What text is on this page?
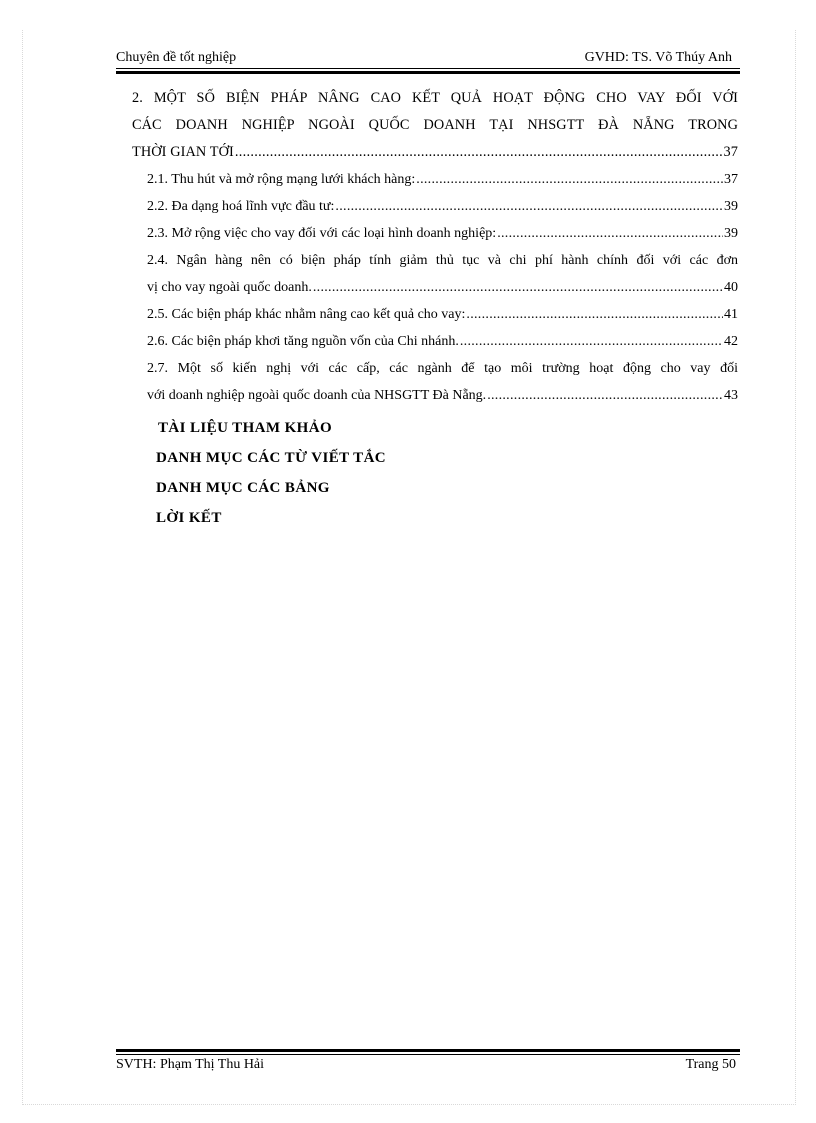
Chuyên đề tốt nghiệp	GVHD: TS. Võ Thúy Anh
2. MỘT SỐ BIỆN PHÁP NÂNG CAO KẾT QUẢ HOẠT ĐỘNG CHO VAY ĐỐI VỚI
CÁC DOANH NGHIỆP NGOÀI QUỐC DOANH TẠI NHSGTT ĐÀ NẴNG TRONG
THỜI GIAN TỚI .....	37
2.1. Thu hút và mở rộng mạng lưới khách hàng: .....	37
2.2. Đa dạng hoá lĩnh vực đầu tư: .....	39
2.3. Mở rộng việc cho vay đối với các loại hình doanh nghiệp: .....	39
2.4. Ngân hàng nên có biện pháp tính giảm thủ tục và chi phí hành chính đối với các đơn
vị cho vay ngoài quốc doanh. .....	40
2.5. Các biện pháp khác nhằm nâng cao kết quả cho vay: .....	41
2.6. Các biện pháp khơi tăng nguồn vốn của Chi nhánh. .....	42
2.7. Một số kiến nghị với các cấp, các ngành để tạo môi trường hoạt động cho vay đối
với doanh nghiệp ngoài quốc doanh của NHSGTT Đà Nẵng. .....	43
TÀI LIỆU THAM KHẢO
DANH MỤC CÁC TỪ VIẾT TẮC
DANH MỤC CÁC BẢNG
LỜI KẾT
SVTH: Phạm Thị Thu Hải	Trang 50
